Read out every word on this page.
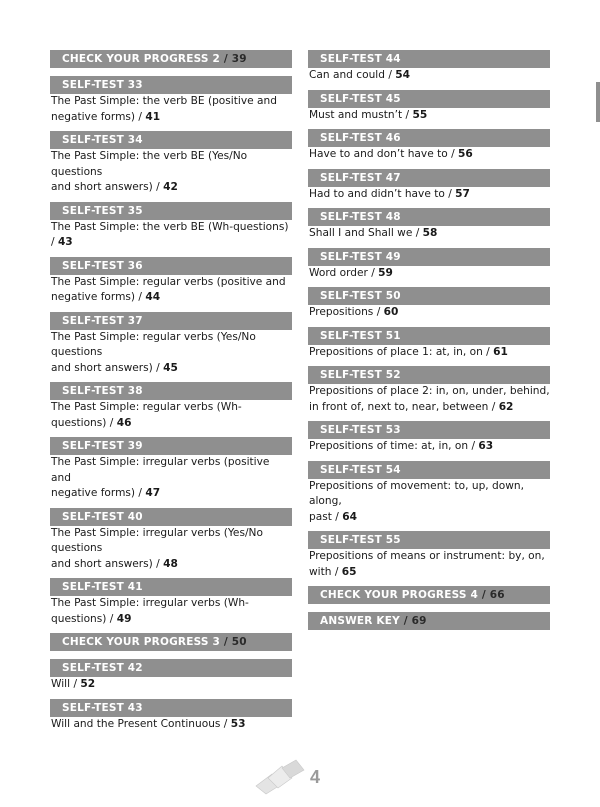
CHECK YOUR PROGRESS 2 / 39
SELF-TEST 33
The Past Simple: the verb BE (positive and
negative forms) / 41
SELF-TEST 34
The Past Simple: the verb BE (Yes/No questions
and short answers) / 42
SELF-TEST 35
The Past Simple: the verb BE (Wh-questions) / 43
SELF-TEST 36
The Past Simple: regular verbs (positive and
negative forms) / 44
SELF-TEST 37
The Past Simple: regular verbs (Yes/No questions
and short answers) / 45
SELF-TEST 38
The Past Simple: regular verbs (Wh-questions) / 46
SELF-TEST 39
The Past Simple: irregular verbs (positive and
negative forms) / 47
SELF-TEST 40
The Past Simple: irregular verbs (Yes/No questions
and short answers) / 48
SELF-TEST 41
The Past Simple: irregular verbs (Wh-questions) / 49
CHECK YOUR PROGRESS 3 / 50
SELF-TEST 42
Will / 52
SELF-TEST 43
Will and the Present Continuous / 53
SELF-TEST 44
Can and could / 54
SELF-TEST 45
Must and mustn’t / 55
SELF-TEST 46
Have to and don’t have to / 56
SELF-TEST 47
Had to and didn’t have to / 57
SELF-TEST 48
Shall I and Shall we / 58
SELF-TEST 49
Word order / 59
SELF-TEST 50
Prepositions / 60
SELF-TEST 51
Prepositions of place 1: at, in, on / 61
SELF-TEST 52
Prepositions of place 2: in, on, under, behind,
in front of, next to, near, between / 62
SELF-TEST 53
Prepositions of time: at, in, on / 63
SELF-TEST 54
Prepositions of movement: to, up, down, along,
past / 64
SELF-TEST 55
Prepositions of means or instrument: by, on,
with / 65
CHECK YOUR PROGRESS 4 / 66
ANSWER KEY / 69
4
